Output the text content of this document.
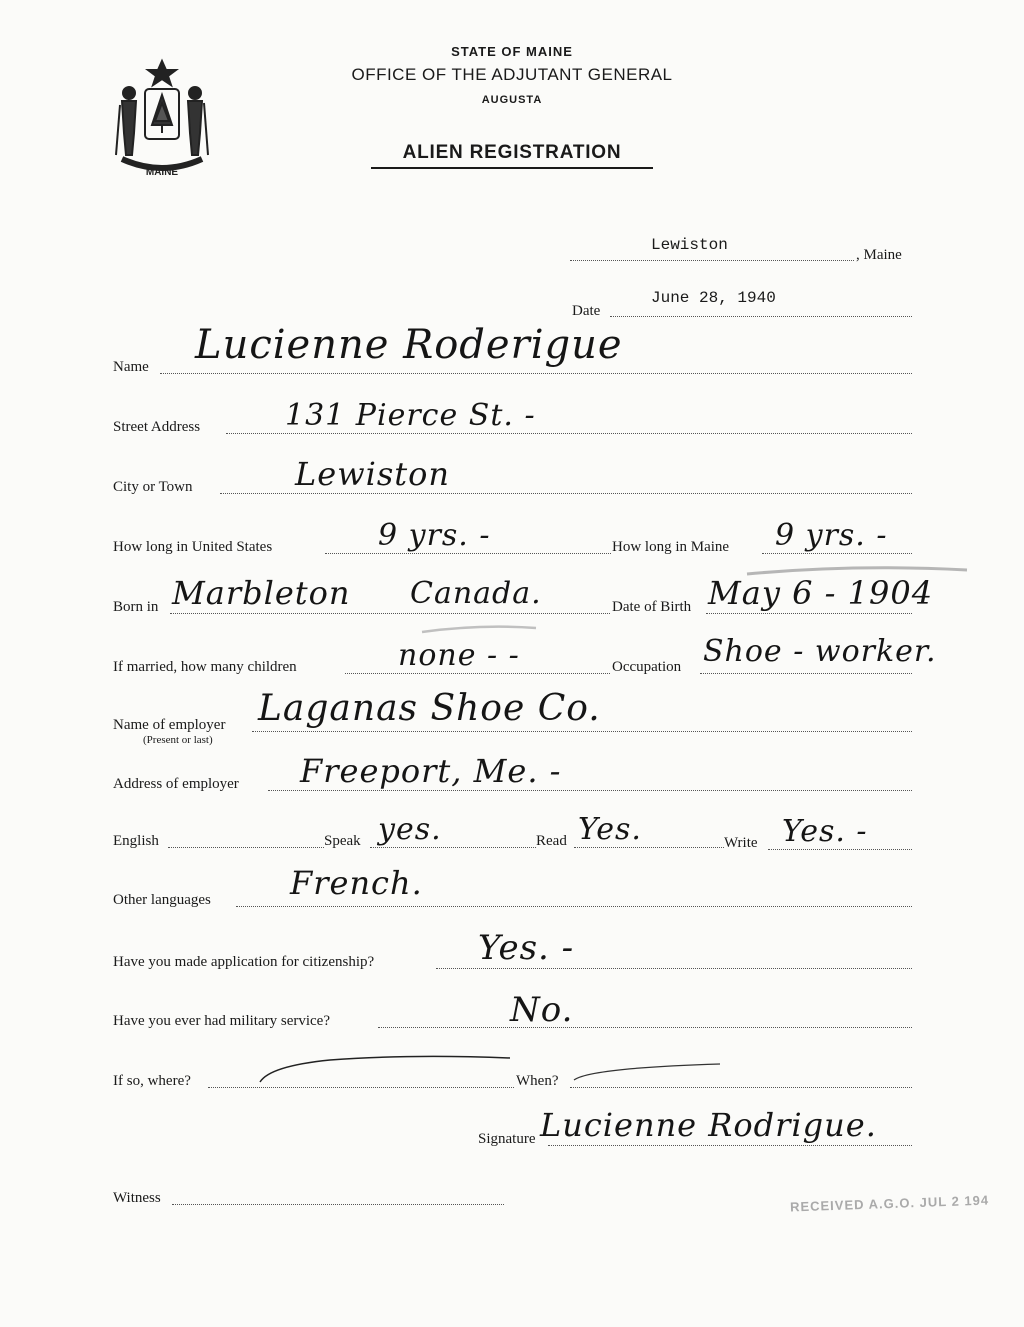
MAINE
STATE OF MAINE
OFFICE OF THE ADJUTANT GENERAL
AUGUSTA
ALIEN REGISTRATION
Lewiston
, Maine
Date
June 28, 1940
Name Lucienne Roderigue
Street Address	131 Pierce St. -
City or Town	Lewiston
How long in United States	9 yrs. -	How long in Maine 9 yrs. -
Born in Marbleton Canada.	Date of Birth May 6 - 1904
If married, how many children	none - -	Occupation Shoe - worker.
Name of employer
(Present or last)
Laganas Shoe Co.
Address of employer Freeport, Me. -
English	Speak yes.	Read Yes.	Write Yes. -
Other languages French.
Have you made application for citizenship?	Yes. -
Have you ever had military service?	No.
If so, where?	When?
Signature Lucienne Rodrigue.
Witness	RECEIVED A.G.O. JUL 2 194
